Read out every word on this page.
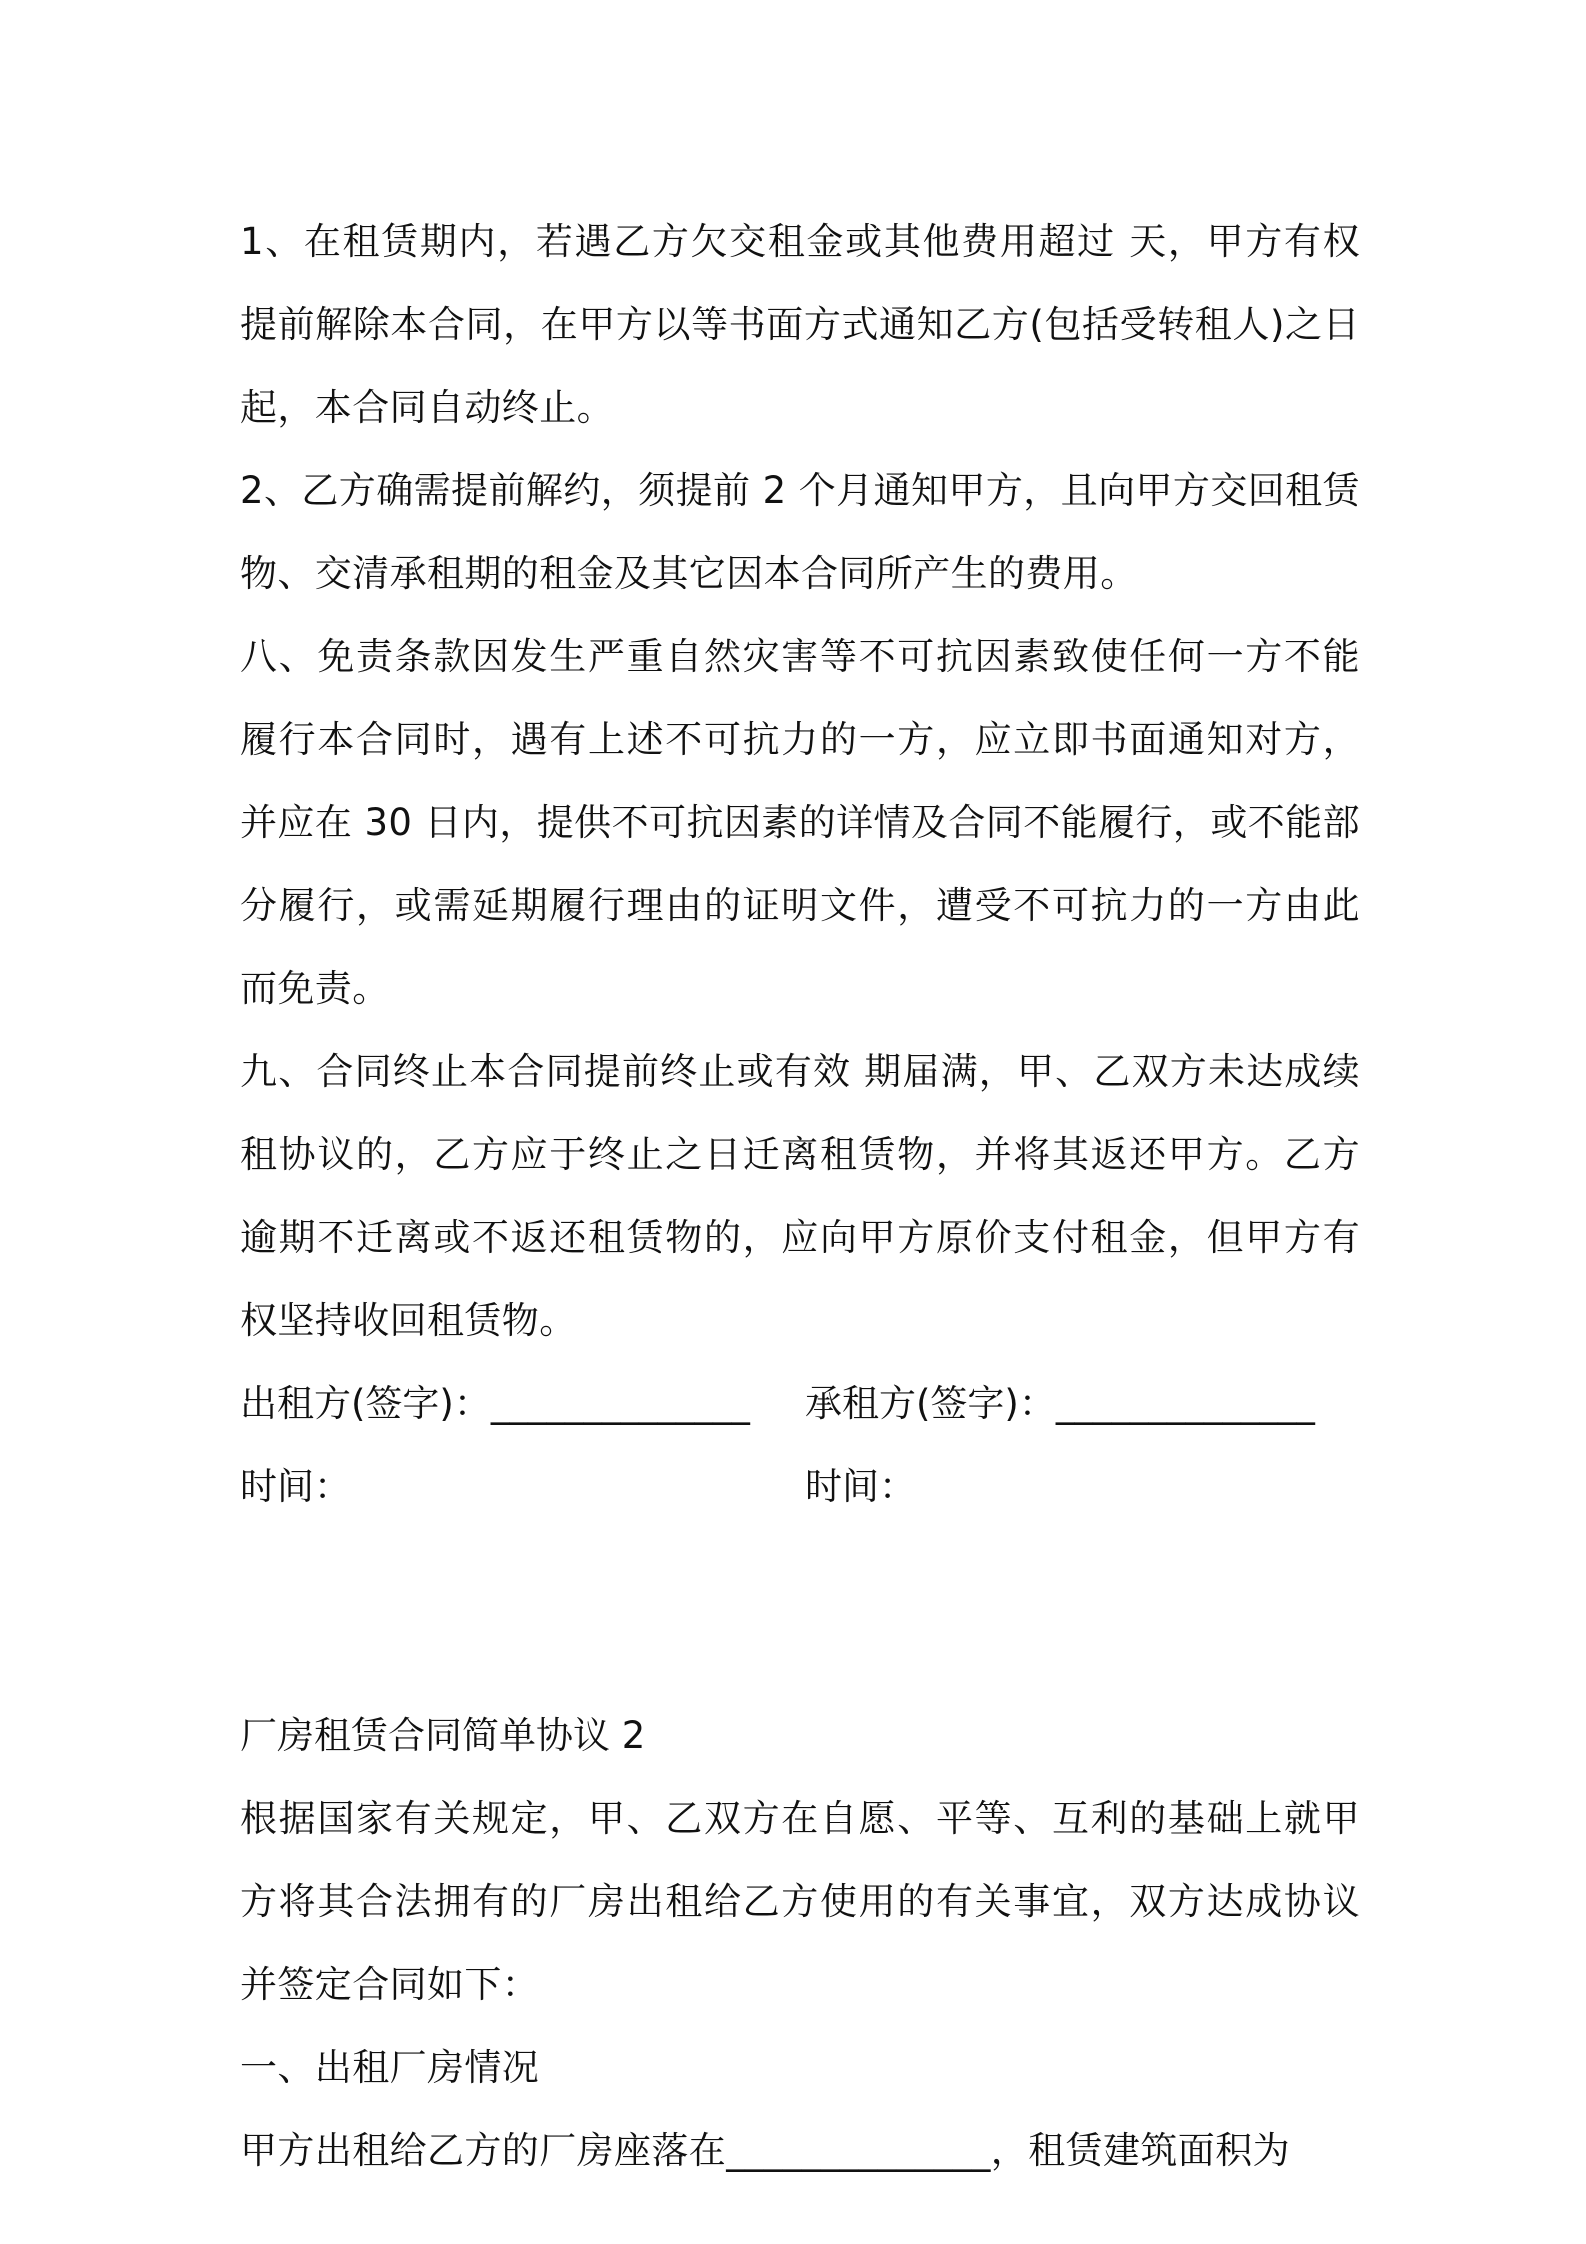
1、在租赁期内，若遇乙方欠交租金或其他费用超过 天，甲方有权提前解除本合同，在甲方以等书面方式通知乙方(包括受转租人)之日起，本合同自动终止。

2、乙方确需提前解约，须提前 2 个月通知甲方，且向甲方交回租赁物、交清承租期的租金及其它因本合同所产生的费用。

八、免责条款因发生严重自然灾害等不可抗因素致使任何一方不能履行本合同时，遇有上述不可抗力的一方，应立即书面通知对方，并应在 30 日内，提供不可抗因素的详情及合同不能履行，或不能部分履行，或需延期履行理由的证明文件，遭受不可抗力的一方由此而免责。

九、合同终止本合同提前终止或有效 期届满，甲、乙双方未达成续租协议的，乙方应于终止之日迁离租赁物，并将其返还甲方。乙方逾期不迁离或不返还租赁物的，应向甲方原价支付租金，但甲方有权坚持收回租赁物。

出租方(签字)：______________ 承租方(签字)：______________
时间：	时间：

厂房租赁合同简单协议 2

根据国家有关规定，甲、乙双方在自愿、平等、互利的基础上就甲方将其合法拥有的厂房出租给乙方使用的有关事宜，双方达成协议并签定合同如下：

一、出租厂房情况

甲方出租给乙方的厂房座落在______________，租赁建筑面积为
